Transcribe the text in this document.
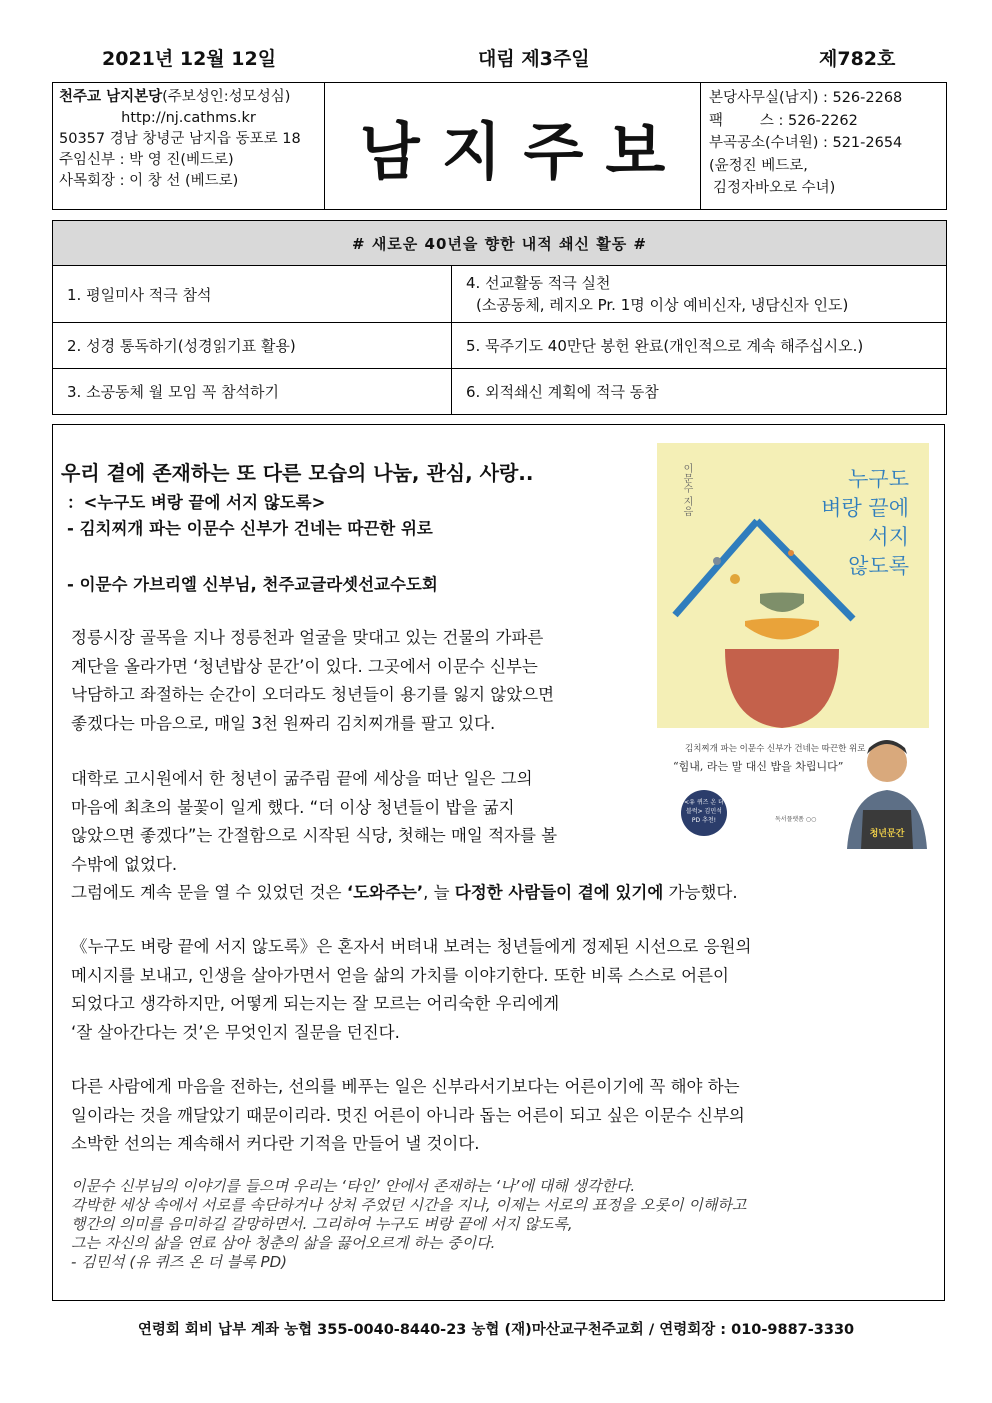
2021년 12월 12일	대림 제3주일	제782호
천주교 남지본당(주보성인:성모성심)
http://nj.cathms.kr
50357 경남 창녕군 남지읍 동포로 18
주임신부 : 박 영 진(베드로)
사목회장 : 이 창 선 (베드로)	남지주보
본당사무실(남지) : 526-2268
팩        스 : 526-2262
부곡공소(수녀원) : 521-2654
(윤정진 베드로,
김정자바오로 수녀)
# 새로운 40년을 향한 내적 쇄신 활동 #	
1. 평일미사 적극 참석	4. 선교활동 적극 실천
(소공동체, 레지오 Pr. 1명 이상 예비신자, 냉담신자 인도)

2. 성경 통독하기(성경읽기표 활용)	5. 묵주기도 40만단 봉헌 완료(개인적으로 계속 해주십시오.)
3. 소공동체 월 모임 꼭 참석하기	6. 외적쇄신 계획에 적극 동참
우리 곁에 존재하는 또 다른 모습의 나눔, 관심, 사랑..
：<누구도 벼랑 끝에 서지 않도록>
- 김치찌개 파는 이문수 신부가 건네는 따끈한 위로
- 이문수 가브리엘 신부님, 천주교글라셋선교수도회
정릉시장 골목을 지나 정릉천과 얼굴을 맞대고 있는 건물의 가파른
계단을 올라가면 ‘청년밥상 문간’이 있다. 그곳에서 이문수 신부는
낙담하고 좌절하는 순간이 오더라도 청년들이 용기를 잃지 않았으면
좋겠다는 마음으로, 매일 3천 원짜리 김치찌개를 팔고 있다.
대학로 고시원에서 한 청년이 굶주림 끝에 세상을 떠난 일은 그의
마음에 최초의 불꽃이 일게 했다. “더 이상 청년들이 밥을 굶지
않았으면 좋겠다”는 간절함으로 시작된 식당, 첫해는 매일 적자를 볼
수밖에 없었다.
그럼에도 계속 문을 열 수 있었던 것은 ‘도와주는’, 늘 다정한 사람들이 곁에 있기에 가능했다.
《누구도 벼랑 끝에 서지 않도록》은 혼자서 버텨내 보려는 청년들에게 정제된 시선으로 응원의
메시지를 보내고, 인생을 살아가면서 얻을 삶의 가치를 이야기한다. 또한 비록 스스로 어른이
되었다고 생각하지만, 어떻게 되는지는 잘 모르는 어리숙한 우리에게
‘잘 살아간다는 것’은 무엇인지 질문을 던진다.
다른 사람에게 마음을 전하는, 선의를 베푸는 일은 신부라서기보다는 어른이기에 꼭 해야 하는
일이라는 것을 깨달았기 때문이리라. 멋진 어른이 아니라 돕는 어른이 되고 싶은 이문수 신부의
소박한 선의는 계속해서 커다란 기적을 만들어 낼 것이다.
이문수 신부님의 이야기를 들으며 우리는 ‘타인’ 안에서 존재하는 ‘나’에 대해 생각한다.
각박한 세상 속에서 서로를 속단하거나 상처 주었던 시간을 지나, 이제는 서로의 표정을 오롯이 이해하고
행간의 의미를 음미하길 갈망하면서. 그리하여 누구도 벼랑 끝에 서지 않도록,
그는 자신의 삶을 연료 삼아 청춘의 삶을 끓어오르게 하는 중이다.
- 김민석 (유 퀴즈 온 더 블록 PD)
이문수 지음	누구도
벼랑 끝에
서지
않도록
김치찌개 파는 이문수 신부가 건네는 따끈한 위로
“힘내, 라는 말 대신 밥을 차립니다”
<유 퀴즈 온 더 블럭> 김민석 PD 추천!	독서플랫폼 ○○
청년문간
연령회 회비 납부 계좌 농협 355-0040-8440-23 농협 (재)마산교구천주교회 / 연령회장 : 010-9887-3330
